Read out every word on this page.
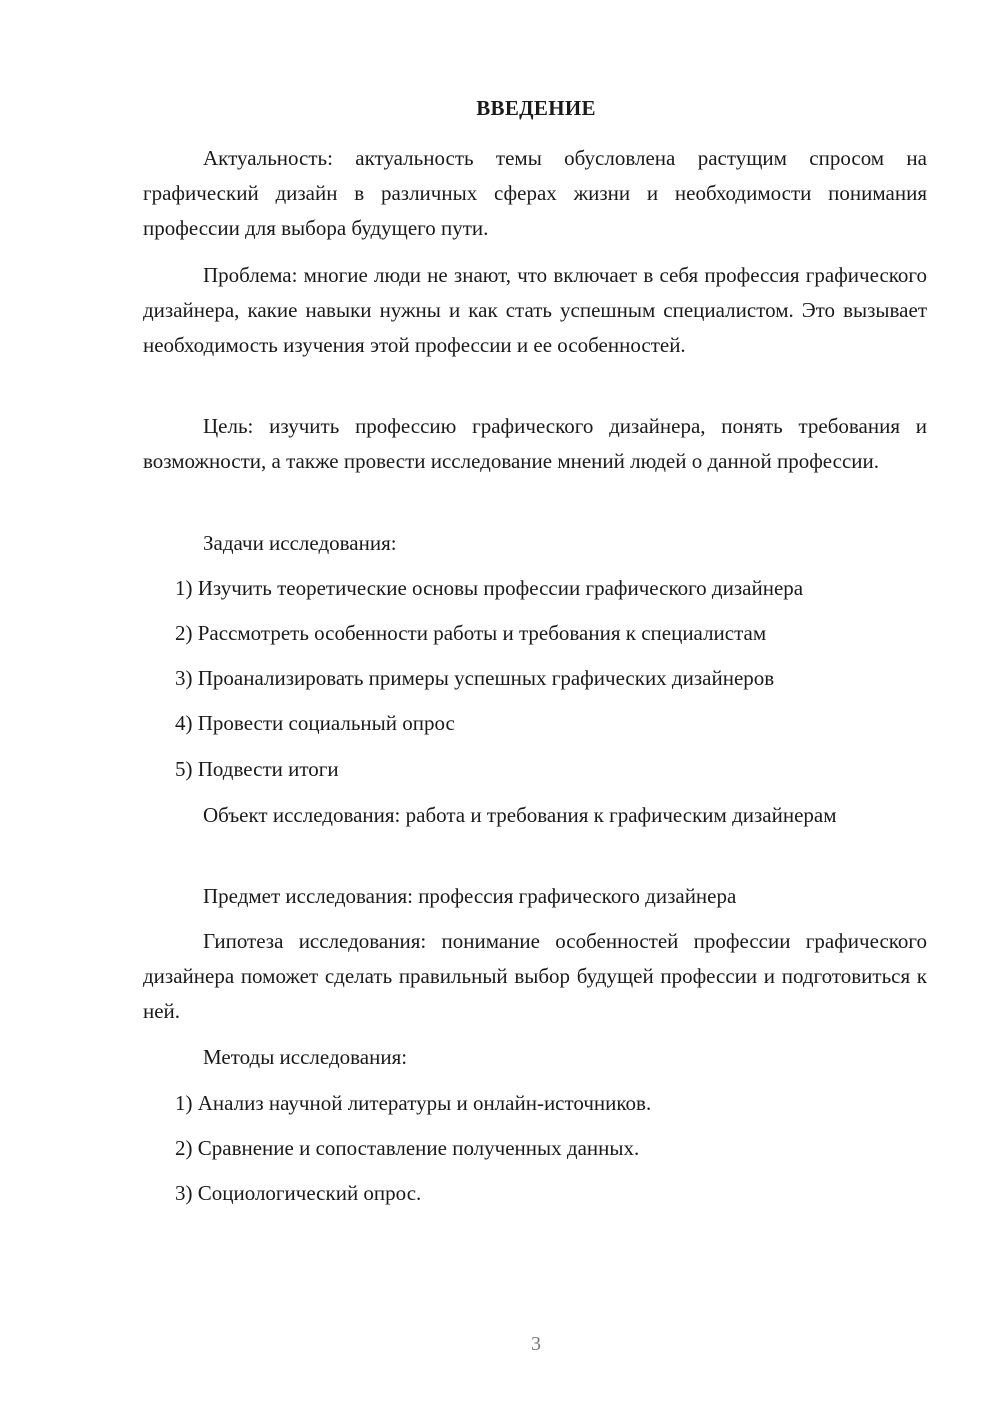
ВВЕДЕНИЕ
Актуальность: актуальность темы обусловлена растущим спросом на графический дизайн в различных сферах жизни и необходимости понимания профессии для выбора будущего пути.
Проблема: многие люди не знают, что включает в себя профессия графического дизайнера, какие навыки нужны и как стать успешным специалистом. Это вызывает необходимость изучения этой профессии и ее особенностей.
Цель: изучить профессию графического дизайнера, понять требования и возможности, а также провести исследование мнений людей о данной профессии.
Задачи исследования:
1) Изучить теоретические основы профессии графического дизайнера
2) Рассмотреть особенности работы и требования к специалистам
3) Проанализировать примеры успешных графических дизайнеров
4) Провести социальный опрос
5) Подвести итоги
Объект исследования: работа и требования к графическим дизайнерам
Предмет исследования: профессия графического дизайнера
Гипотеза исследования: понимание особенностей профессии графического дизайнера поможет сделать правильный выбор будущей профессии и подготовиться к ней.
Методы исследования:
1) Анализ научной литературы и онлайн-источников.
2) Сравнение и сопоставление полученных данных.
3) Социологический опрос.
3
